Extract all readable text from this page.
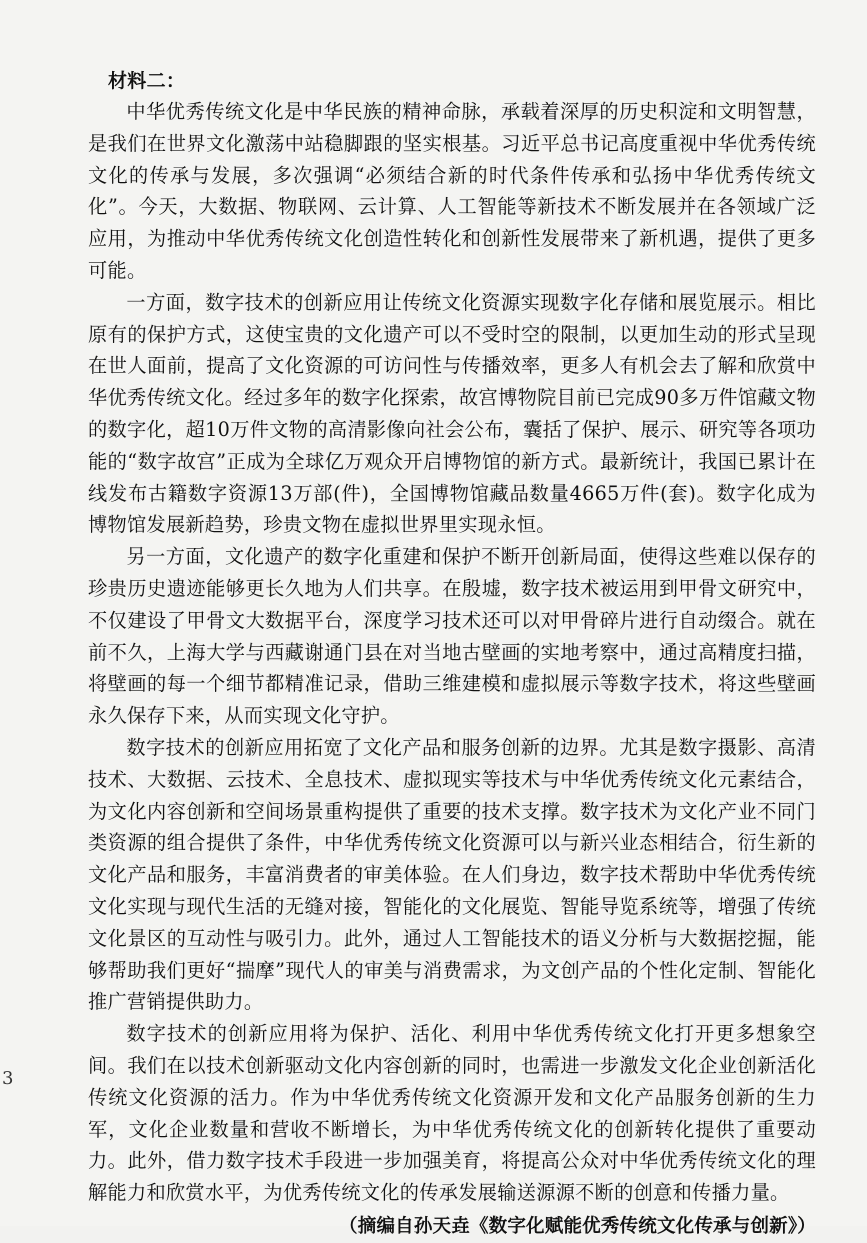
3
材料二：

中华优秀传统文化是中华民族的精神命脉，承载着深厚的历史积淀和文明智慧，是我们在世界文化激荡中站稳脚跟的坚实根基。习近平总书记高度重视中华优秀传统文化的传承与发展，多次强调“必须结合新的时代条件传承和弘扬中华优秀传统文化”。今天，大数据、物联网、云计算、人工智能等新技术不断发展并在各领域广泛应用，为推动中华优秀传统文化创造性转化和创新性发展带来了新机遇，提供了更多可能。

一方面，数字技术的创新应用让传统文化资源实现数字化存储和展览展示。相比原有的保护方式，这使宝贵的文化遗产可以不受时空的限制，以更加生动的形式呈现在世人面前，提高了文化资源的可访问性与传播效率，更多人有机会去了解和欣赏中华优秀传统文化。经过多年的数字化探索，故宫博物院目前已完成90多万件馆藏文物的数字化，超10万件文物的高清影像向社会公布，囊括了保护、展示、研究等各项功能的“数字故宫”正成为全球亿万观众开启博物馆的新方式。最新统计，我国已累计在线发布古籍数字资源13万部(件)，全国博物馆藏品数量4665万件(套)。数字化成为博物馆发展新趋势，珍贵文物在虚拟世界里实现永恒。

另一方面，文化遗产的数字化重建和保护不断开创新局面，使得这些难以保存的珍贵历史遗迹能够更长久地为人们共享。在殷墟，数字技术被运用到甲骨文研究中，不仅建设了甲骨文大数据平台，深度学习技术还可以对甲骨碎片进行自动缀合。就在前不久，上海大学与西藏谢通门县在对当地古壁画的实地考察中，通过高精度扫描，将壁画的每一个细节都精准记录，借助三维建模和虚拟展示等数字技术，将这些壁画永久保存下来，从而实现文化守护。

数字技术的创新应用拓宽了文化产品和服务创新的边界。尤其是数字摄影、高清技术、大数据、云技术、全息技术、虚拟现实等技术与中华优秀传统文化元素结合，为文化内容创新和空间场景重构提供了重要的技术支撑。数字技术为文化产业不同门类资源的组合提供了条件，中华优秀传统文化资源可以与新兴业态相结合，衍生新的文化产品和服务，丰富消费者的审美体验。在人们身边，数字技术帮助中华优秀传统文化实现与现代生活的无缝对接，智能化的文化展览、智能导览系统等，增强了传统文化景区的互动性与吸引力。此外，通过人工智能技术的语义分析与大数据挖掘，能够帮助我们更好“揣摩”现代人的审美与消费需求，为文创产品的个性化定制、智能化推广营销提供助力。

数字技术的创新应用将为保护、活化、利用中华优秀传统文化打开更多想象空间。我们在以技术创新驱动文化内容创新的同时，也需进一步激发文化企业创新活化传统文化资源的活力。作为中华优秀传统文化资源开发和文化产品服务创新的生力军，文化企业数量和营收不断增长，为中华优秀传统文化的创新转化提供了重要动力。此外，借力数字技术手段进一步加强美育，将提高公众对中华优秀传统文化的理解能力和欣赏水平，为优秀传统文化的传承发展输送源源不断的创意和传播力量。

（摘编自孙天垚《数字化赋能优秀传统文化传承与创新》）
